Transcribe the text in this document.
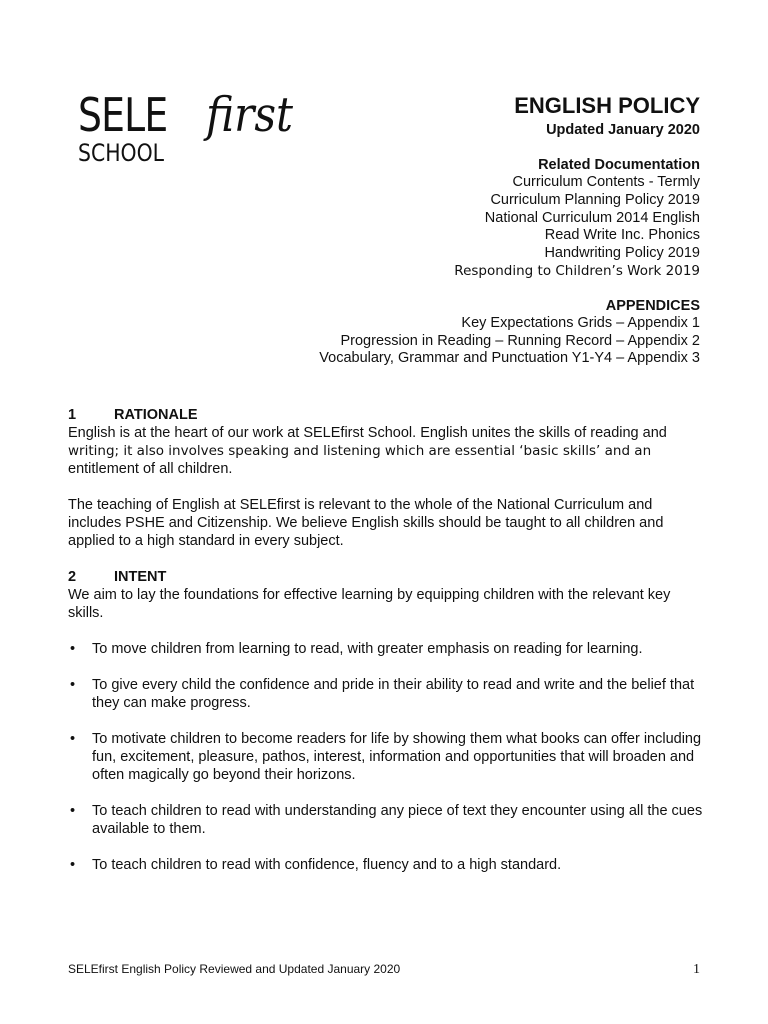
SELE first
SCHOOL
ENGLISH POLICY
Updated January 2020
Related Documentation
Curriculum Contents - Termly
Curriculum Planning Policy 2019
National Curriculum 2014 English
Read Write Inc. Phonics
Handwriting Policy 2019
Responding to Children’s Work 2019
APPENDICES
Key Expectations Grids – Appendix 1
Progression in Reading – Running Record – Appendix 2
Vocabulary, Grammar and Punctuation Y1-Y4 – Appendix 3
1	RATIONALE
English is at the heart of our work at SELEfirst School. English unites the skills of reading and
writing; it also involves speaking and listening which are essential ‘basic skills’ and an
entitlement of all children.

The teaching of English at SELEfirst is relevant to the whole of the National Curriculum and includes PSHE and Citizenship. We believe English skills should be taught to all children and applied to a high standard in every subject.

2	INTENT

We aim to lay the foundations for effective learning by equipping children with the relevant key skills.

•	To move children from learning to read, with greater emphasis on reading for learning.
•	To give every child the confidence and pride in their ability to read and write and the belief that they can make progress.
•	To motivate children to become readers for life by showing them what books can offer including fun, excitement, pleasure, pathos, interest, information and opportunities that will broaden and often magically go beyond their horizons.
•	To teach children to read with understanding any piece of text they encounter using all the cues available to them.
•	To teach children to read with confidence, fluency and to a high standard.
SELEfirst English Policy Reviewed and Updated January 2020	1
